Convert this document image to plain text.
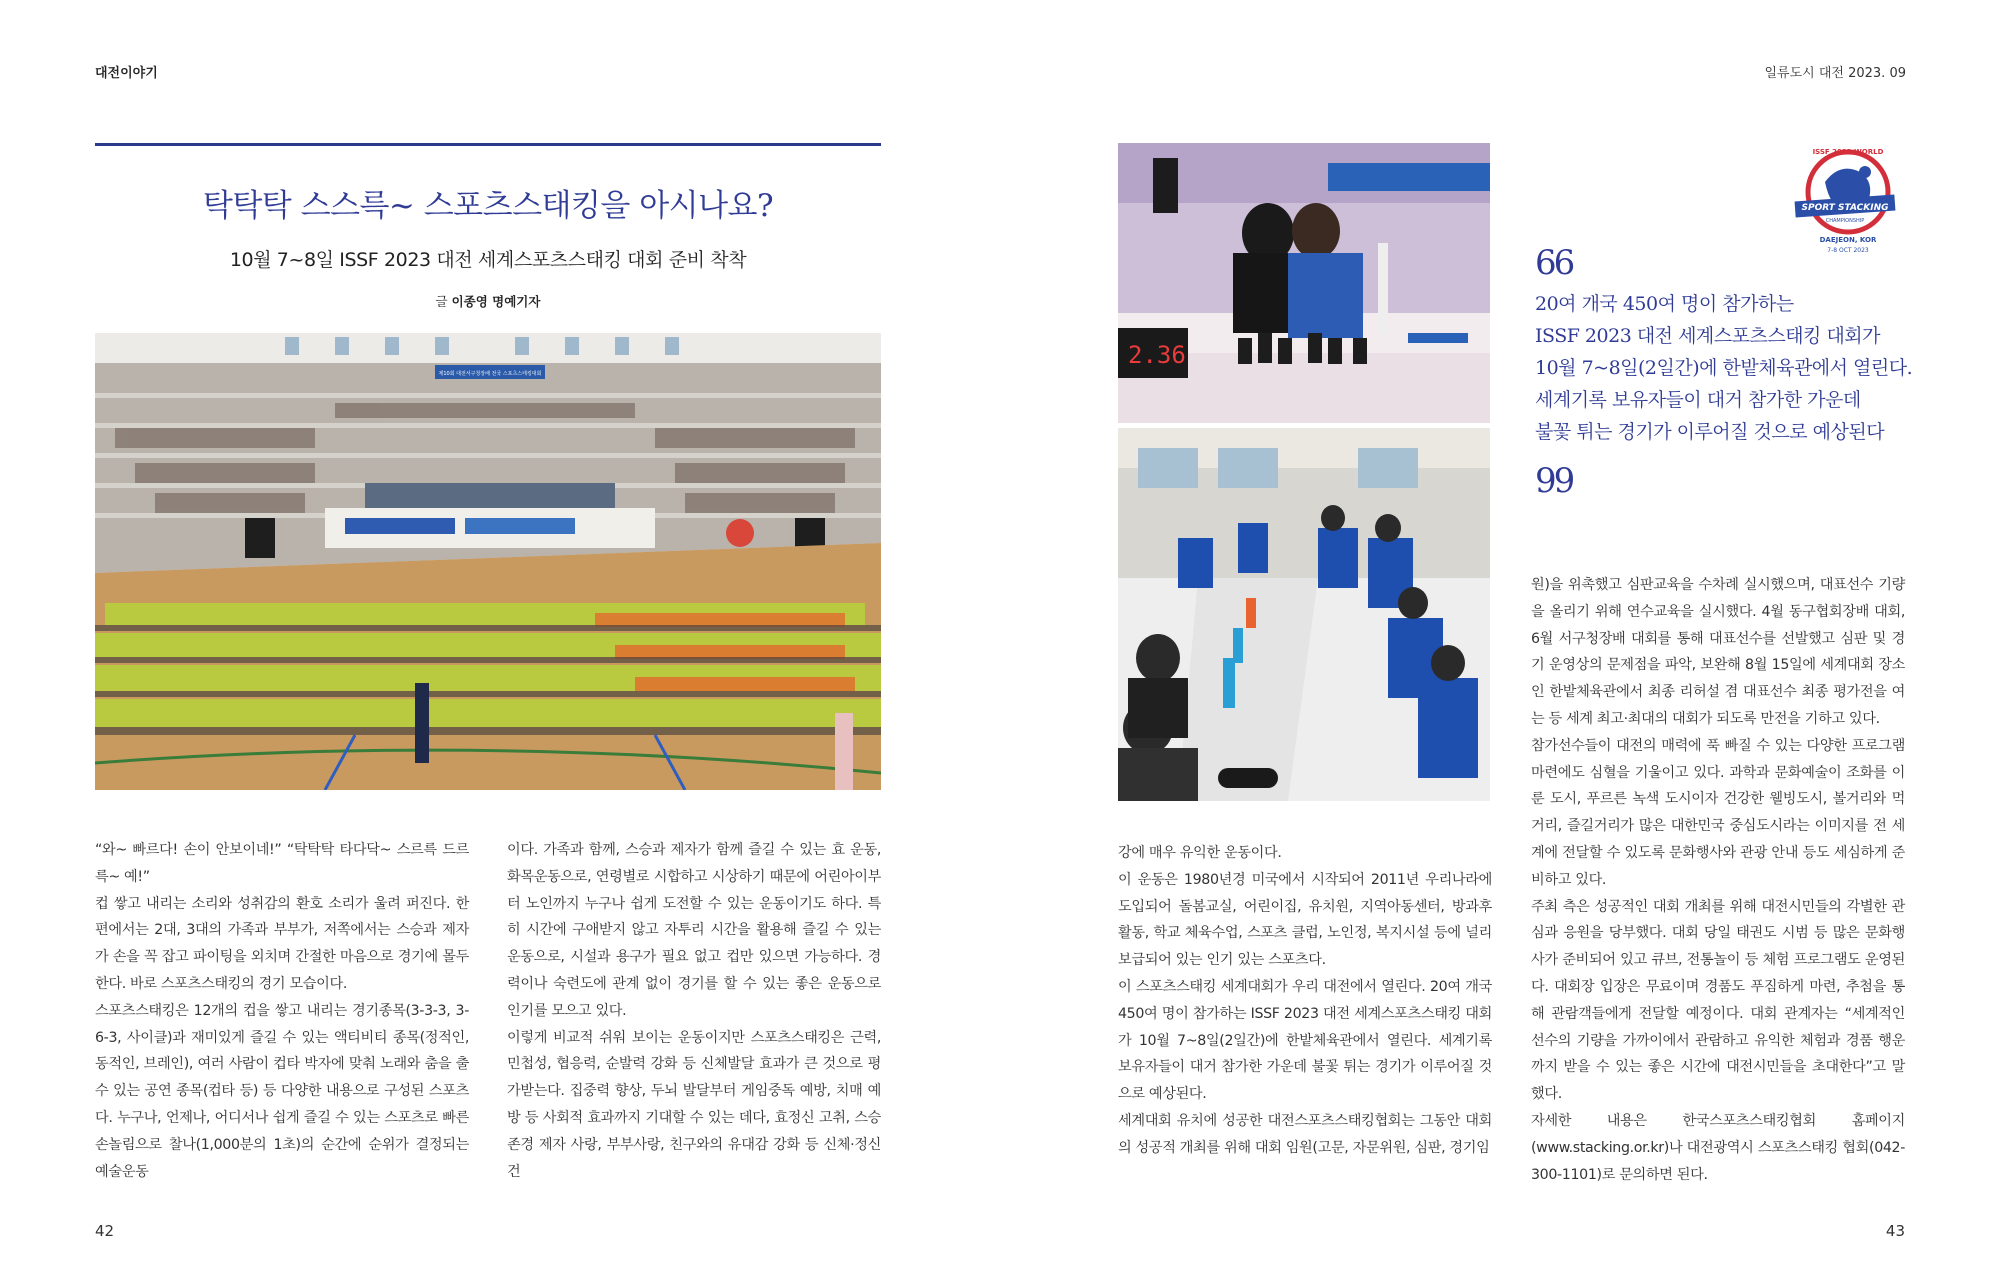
대전이야기	일류도시 대전 2023. 09
탁탁탁 스스륵~ 스포츠스태킹을 아시나요?
10월 7~8일 ISSF 2023 대전 세계스포츠스태킹 대회 준비 착착
글 이종영 명예기자
제10회 대전서구청장배 전국 스포츠스태킹대회
2.36
ISSF 2023 WORLD
SPORT STACKING
CHAMPIONSHIP
DAEJEON, KOR
7-8 OCT 2023
66
20여 개국 450여 명이 참가하는
ISSF 2023 대전 세계스포츠스태킹 대회가
10월 7~8일(2일간)에 한밭체육관에서 열린다.
세계기록 보유자들이 대거 참가한 가운데
불꽃 튀는 경기가 이루어질 것으로 예상된다
99

“와~ 빠르다! 손이 안보이네!” “탁탁탁 타다닥~ 스르륵 드르륵~ 예!”

컵 쌓고 내리는 소리와 성취감의 환호 소리가 울려 퍼진다. 한편에서는 2대, 3대의 가족과 부부가, 저쪽에서는 스승과 제자가 손을 꼭 잡고 파이팅을 외치며 간절한 마음으로 경기에 몰두한다. 바로 스포츠스태킹의 경기 모습이다.

스포츠스태킹은 12개의 컵을 쌓고 내리는 경기종목(3-3-3, 3-6-3, 사이클)과 재미있게 즐길 수 있는 액티비티 종목(정적인, 동적인, 브레인), 여러 사람이 컵타 박자에 맞춰 노래와 춤을 출 수 있는 공연 종목(컵타 등) 등 다양한 내용으로 구성된 스포츠다. 누구나, 언제나, 어디서나 쉽게 즐길 수 있는 스포츠로 빠른 손놀림으로 찰나(1,000분의 1초)의 순간에 순위가 결정되는 예술운동

이다. 가족과 함께, 스승과 제자가 함께 즐길 수 있는 효 운동, 화목운동으로, 연령별로 시합하고 시상하기 때문에 어린아이부터 노인까지 누구나 쉽게 도전할 수 있는 운동이기도 하다. 특히 시간에 구애받지 않고 자투리 시간을 활용해 즐길 수 있는 운동으로, 시설과 용구가 필요 없고 컵만 있으면 가능하다. 경력이나 숙련도에 관계 없이 경기를 할 수 있는 좋은 운동으로 인기를 모으고 있다.

이렇게 비교적 쉬워 보이는 운동이지만 스포츠스태킹은 근력, 민첩성, 협응력, 순발력 강화 등 신체발달 효과가 큰 것으로 평가받는다. 집중력 향상, 두뇌 발달부터 게임중독 예방, 치매 예방 등 사회적 효과까지 기대할 수 있는 데다, 효정신 고취, 스승 존경 제자 사랑, 부부사랑, 친구와의 유대감 강화 등 신체·정신 건

강에 매우 유익한 운동이다.

이 운동은 1980년경 미국에서 시작되어 2011년 우리나라에 도입되어 돌봄교실, 어린이집, 유치원, 지역아동센터, 방과후 활동, 학교 체육수업, 스포츠 클럽, 노인정, 복지시설 등에 널리 보급되어 있는 인기 있는 스포츠다.

이 스포츠스태킹 세계대회가 우리 대전에서 열린다. 20여 개국 450여 명이 참가하는 ISSF 2023 대전 세계스포츠스태킹 대회가 10월 7~8일(2일간)에 한밭체육관에서 열린다. 세계기록 보유자들이 대거 참가한 가운데 불꽃 튀는 경기가 이루어질 것으로 예상된다.

세계대회 유치에 성공한 대전스포츠스태킹협회는 그동안 대회의 성공적 개최를 위해 대회 임원(고문, 자문위원, 심판, 경기임

원)을 위촉했고 심판교육을 수차례 실시했으며, 대표선수 기량을 올리기 위해 연수교육을 실시했다. 4월 동구협회장배 대회, 6월 서구청장배 대회를 통해 대표선수를 선발했고 심판 및 경기 운영상의 문제점을 파악, 보완해 8월 15일에 세계대회 장소인 한밭체육관에서 최종 리허설 겸 대표선수 최종 평가전을 여는 등 세계 최고·최대의 대회가 되도록 만전을 기하고 있다.

참가선수들이 대전의 매력에 푹 빠질 수 있는 다양한 프로그램 마련에도 심혈을 기울이고 있다. 과학과 문화예술이 조화를 이룬 도시, 푸르른 녹색 도시이자 건강한 웰빙도시, 볼거리와 먹거리, 즐길거리가 많은 대한민국 중심도시라는 이미지를 전 세계에 전달할 수 있도록 문화행사와 관광 안내 등도 세심하게 준비하고 있다.

주최 측은 성공적인 대회 개최를 위해 대전시민들의 각별한 관심과 응원을 당부했다. 대회 당일 태권도 시범 등 많은 문화행사가 준비되어 있고 큐브, 전통놀이 등 체험 프로그램도 운영된다. 대회장 입장은 무료이며 경품도 푸짐하게 마련, 추첨을 통해 관람객들에게 전달할 예정이다. 대회 관계자는 “세계적인 선수의 기량을 가까이에서 관람하고 유익한 체험과 경품 행운까지 받을 수 있는 좋은 시간에 대전시민들을 초대한다”고 말했다.

자세한 내용은 한국스포츠스태킹협회 홈페이지(www.stacking.or.kr)나 대전광역시 스포츠스태킹 협회(042-300-1101)로 문의하면 된다.

42	43
